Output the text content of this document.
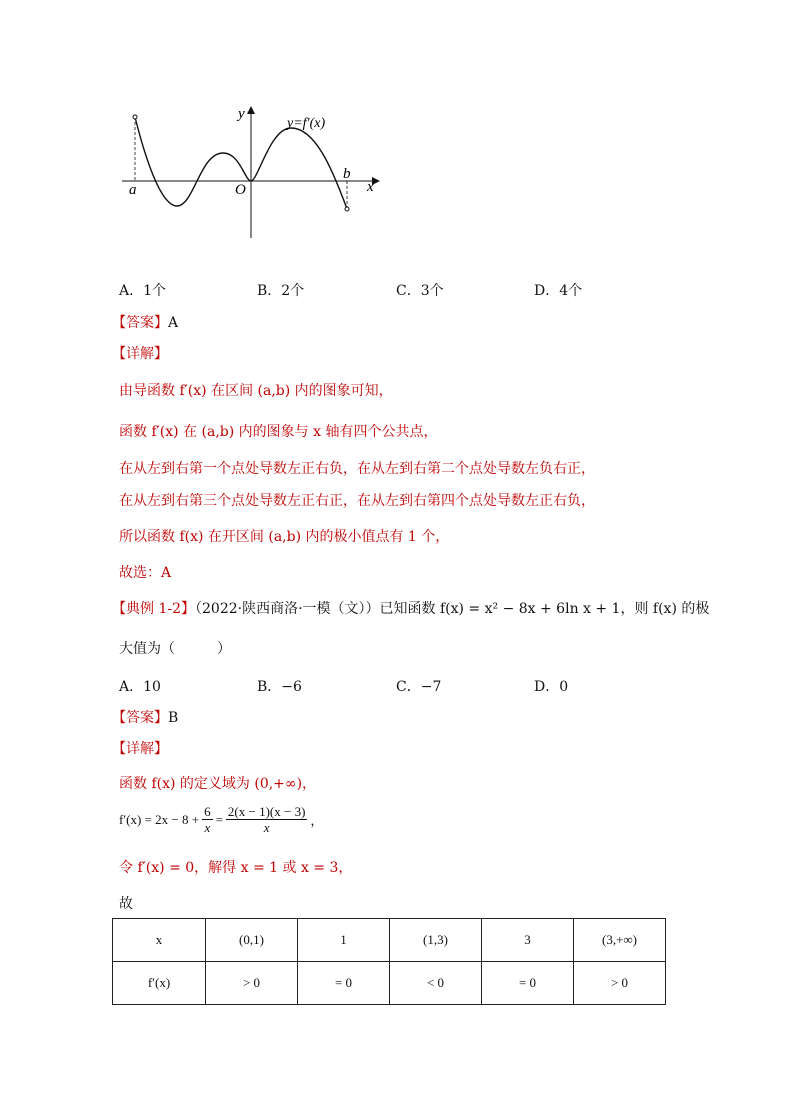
y
x
y=f′(x)
O
a
b
A．1个	B．2个	C．3个	D．4个
【答案】A
【详解】
由导函数 f′(x) 在区间 (a,b) 内的图象可知，
函数 f′(x) 在 (a,b) 内的图象与 x 轴有四个公共点，
在从左到右第一个点处导数左正右负，在从左到右第二个点处导数左负右正，
在从左到右第三个点处导数左正右正，在从左到右第四个点处导数左正右负，
所以函数 f(x) 在开区间 (a,b) 内的极小值点有 1 个，
故选：A
【典例 1-2】（2022·陕西商洛·一模（文））已知函数 f(x) = x² − 8x + 6ln x + 1，则 f(x) 的极
大值为（　　　）
A．10	B．−6	C．−7	D．0
【答案】B
【详解】
函数 f(x) 的定义域为 (0,+∞)，
$f'(x) = 2x - 8 + \frac{6}{x} = \frac{2(x - 1)(x - 3)}{x}$ ，
令 f′(x) = 0，解得 x = 1 或 x = 3，
故
x	(0,1)	1	(1,3)	3	(3,+∞)
f′(x)	> 0	= 0	< 0	= 0	> 0
